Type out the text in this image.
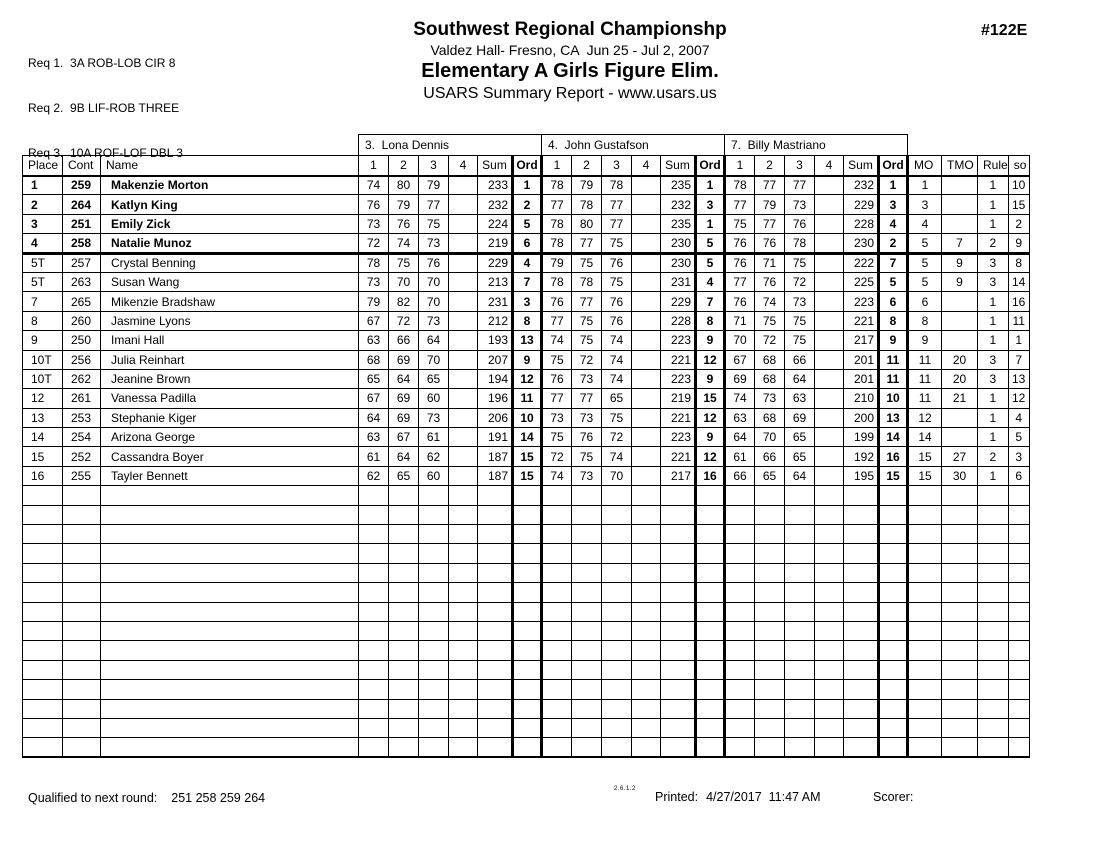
Req 1.  3A ROB-LOB CIR 8

Req 2.  9B LIF-ROB THREE

Req 3.  10A ROF-LOF DBL 3

Southwest Regional Championshp
Valdez Hall- Fresno, CA  Jun 25 - Jul 2, 2007
Elementary A Girls Figure Elim.
USARS Summary Report - www.usars.us
#122E
			3.  Lona Dennis						4.  John Gustafson						7.  Billy Mastriano									
Place	Cont	Name	1	2	3	4	Sum	Ord	1	2	3	4	Sum	Ord	1	2	3	4	Sum	Ord	MO	TMO	Rule	so
1	259	Makenzie Morton	74	80	79		233	1	78	79	78		235	1	78	77	77		232	1	1		1	10
2	264	Katlyn King	76	79	77		232	2	77	78	77		232	3	77	79	73		229	3	3		1	15
3	251	Emily Zick	73	76	75		224	5	78	80	77		235	1	75	77	76		228	4	4		1	2
4	258	Natalie Munoz	72	74	73		219	6	78	77	75		230	5	76	76	78		230	2	5	7	2	9
5T	257	Crystal Benning	78	75	76		229	4	79	75	76		230	5	76	71	75		222	7	5	9	3	8
5T	263	Susan Wang	73	70	70		213	7	78	78	75		231	4	77	76	72		225	5	5	9	3	14
7	265	Mikenzie Bradshaw	79	82	70		231	3	76	77	76		229	7	76	74	73		223	6	6		1	16
8	260	Jasmine Lyons	67	72	73		212	8	77	75	76		228	8	71	75	75		221	8	8		1	11
9	250	Imani Hall	63	66	64		193	13	74	75	74		223	9	70	72	75		217	9	9		1	1
10T	256	Julia Reinhart	68	69	70		207	9	75	72	74		221	12	67	68	66		201	11	11	20	3	7
10T	262	Jeanine Brown	65	64	65		194	12	76	73	74		223	9	69	68	64		201	11	11	20	3	13
12	261	Vanessa Padilla	67	69	60		196	11	77	77	65		219	15	74	73	63		210	10	11	21	1	12
13	253	Stephanie Kiger	64	69	73		206	10	73	73	75		221	12	63	68	69		200	13	12		1	4
14	254	Arizona George	63	67	61		191	14	75	76	72		223	9	64	70	65		199	14	14		1	5
15	252	Cassandra Boyer	61	64	62		187	15	72	75	74		221	12	61	66	65		192	16	15	27	2	3
16	255	Tayler Bennett	62	65	60		187	15	74	73	70		217	16	66	65	64		195	15	15	30	1	6

Qualified to next round: 251 258 259 264
2.6.1.2
Printed: 4/27/2017  11:47 AM	Scorer:
